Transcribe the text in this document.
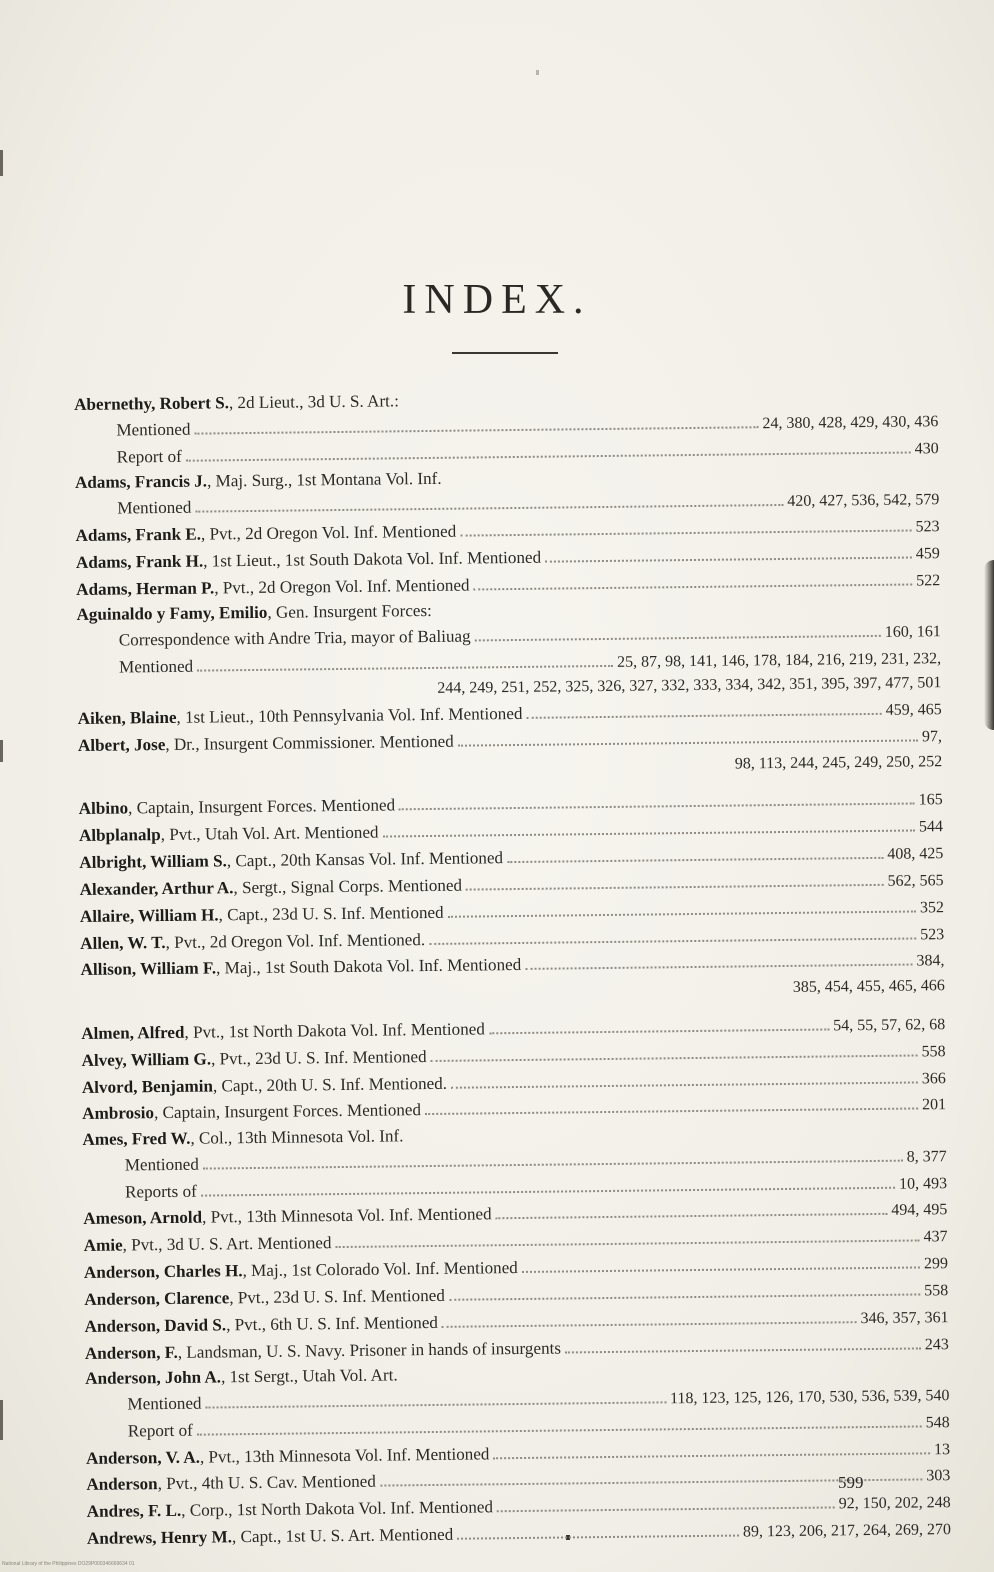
INDEX.
Abernethy, Robert S., 2d Lieut., 3d U. S. Art.:
Mentioned	24, 380, 428, 429, 430, 436
Report of	430
Adams, Francis J., Maj. Surg., 1st Montana Vol. Inf.
Mentioned	420, 427, 536, 542, 579
Adams, Frank E., Pvt., 2d Oregon Vol. Inf. Mentioned	523
Adams, Frank H., 1st Lieut., 1st South Dakota Vol. Inf. Mentioned	459
Adams, Herman P., Pvt., 2d Oregon Vol. Inf. Mentioned	522
Aguinaldo y Famy, Emilio, Gen. Insurgent Forces:
Correspondence with Andre Tria, mayor of Baliuag	160, 161
Mentioned	25, 87, 98, 141, 146, 178, 184, 216, 219, 231, 232,
244, 249, 251, 252, 325, 326, 327, 332, 333, 334, 342, 351, 395, 397, 477, 501
Aiken, Blaine, 1st Lieut., 10th Pennsylvania Vol. Inf. Mentioned	459, 465
Albert, Jose, Dr., Insurgent Commissioner. Mentioned	97,
98, 113, 244, 245, 249, 250, 252
Albino, Captain, Insurgent Forces. Mentioned	165
Albplanalp, Pvt., Utah Vol. Art. Mentioned	544
Albright, William S., Capt., 20th Kansas Vol. Inf. Mentioned	408, 425
Alexander, Arthur A., Sergt., Signal Corps. Mentioned	562, 565
Allaire, William H., Capt., 23d U. S. Inf. Mentioned	352
Allen, W. T., Pvt., 2d Oregon Vol. Inf. Mentioned.	523
Allison, William F., Maj., 1st South Dakota Vol. Inf. Mentioned	384,
385, 454, 455, 465, 466
Almen, Alfred, Pvt., 1st North Dakota Vol. Inf. Mentioned	54, 55, 57, 62, 68
Alvey, William G., Pvt., 23d U. S. Inf. Mentioned	558
Alvord, Benjamin, Capt., 20th U. S. Inf. Mentioned.	366
Ambrosio, Captain, Insurgent Forces. Mentioned	201
Ames, Fred W., Col., 13th Minnesota Vol. Inf.
Mentioned	8, 377
Reports of	10, 493
Ameson, Arnold, Pvt., 13th Minnesota Vol. Inf. Mentioned	494, 495
Amie, Pvt., 3d U. S. Art. Mentioned	437
Anderson, Charles H., Maj., 1st Colorado Vol. Inf. Mentioned	299
Anderson, Clarence, Pvt., 23d U. S. Inf. Mentioned	558
Anderson, David S., Pvt., 6th U. S. Inf. Mentioned	346, 357, 361
Anderson, F., Landsman, U. S. Navy. Prisoner in hands of insurgents	243
Anderson, John A., 1st Sergt., Utah Vol. Art.
Mentioned	118, 123, 125, 126, 170, 530, 536, 539, 540
Report of	548
Anderson, V. A., Pvt., 13th Minnesota Vol. Inf. Mentioned	13
Anderson, Pvt., 4th U. S. Cav. Mentioned	303
Andres, F. L., Corp., 1st North Dakota Vol. Inf. Mentioned	92, 150, 202, 248
Andrews, Henry M., Capt., 1st U. S. Art. Mentioned	89, 123, 206, 217, 264, 269, 270
599
National Library of the Philippines DO29P000346669634 01
